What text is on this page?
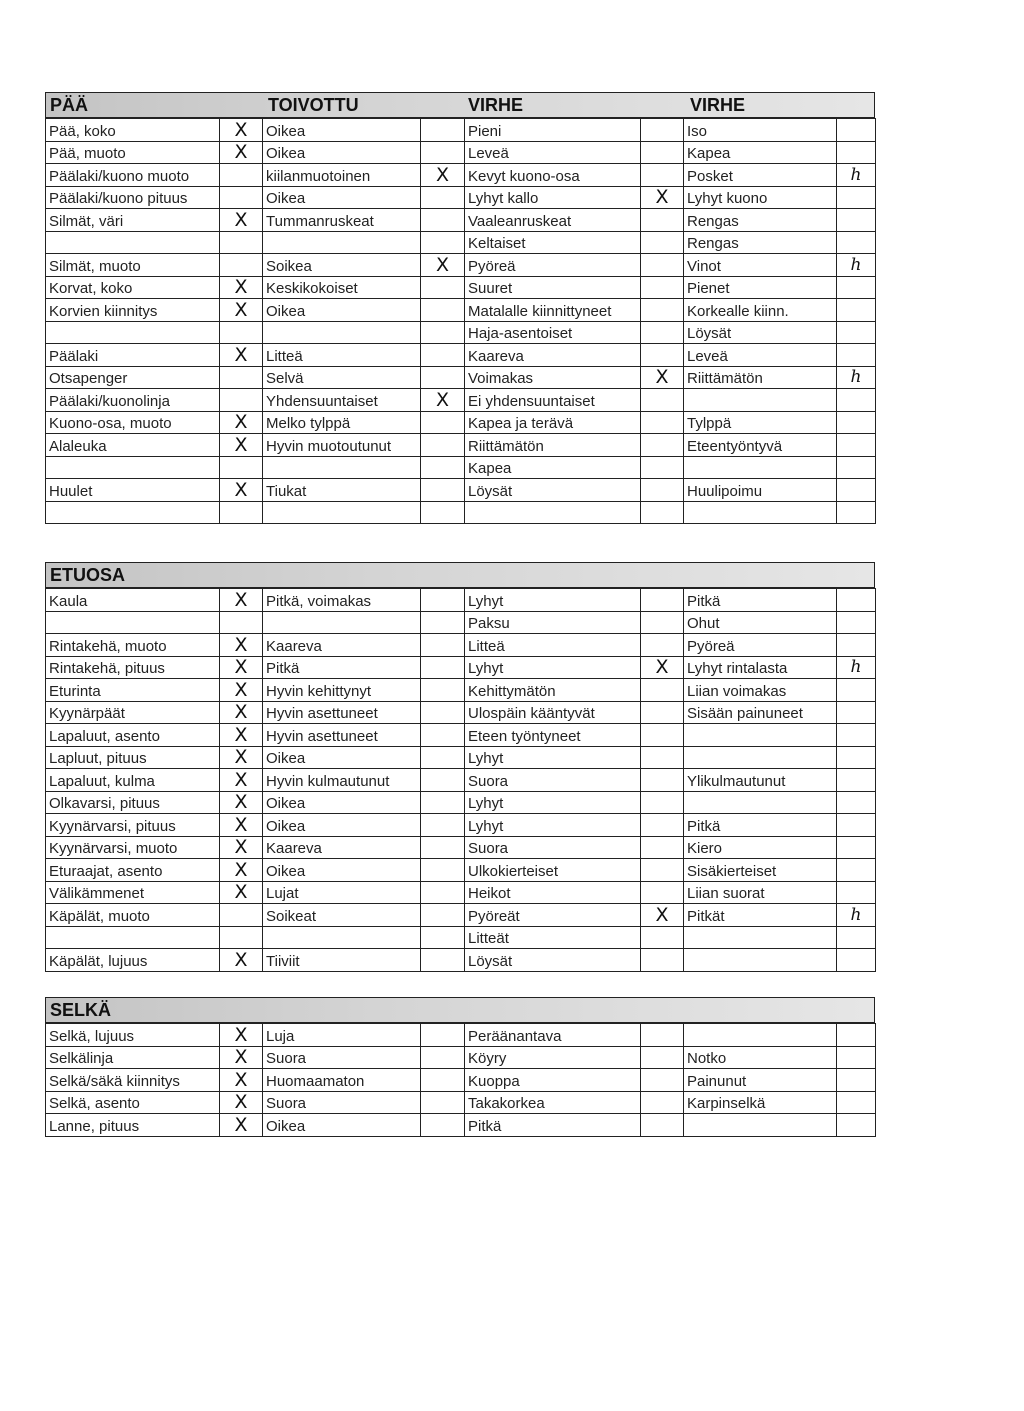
PÄÄ	TOIVOTTU	VIRHE	VIRHE
Pää, koko	X	Oikea		Pieni		Iso	
Pää, muoto	X	Oikea		Leveä		Kapea	
Päälaki/kuono muoto		kiilanmuotoinen	X	Kevyt kuono-osa		Posket	h
Päälaki/kuono pituus		Oikea		Lyhyt kallo	X	Lyhyt kuono	
Silmät, väri	X	Tummanruskeat		Vaaleanruskeat		Rengas	
				Keltaiset		Rengas	
Silmät, muoto		Soikea	X	Pyöreä		Vinot	h
Korvat, koko	X	Keskikokoiset		Suuret		Pienet	
Korvien kiinnitys	X	Oikea		Matalalle kiinnittyneet		Korkealle kiinn.	
				Haja-asentoiset		Löysät	
Päälaki	X	Litteä		Kaareva		Leveä	
Otsapenger		Selvä		Voimakas	X	Riittämätön	h
Päälaki/kuonolinja		Yhdensuuntaiset	X	Ei yhdensuuntaiset			
Kuono-osa, muoto	X	Melko tylppä		Kapea ja terävä		Tylppä	
Alaleuka	X	Hyvin muotoutunut		Riittämätön		Eteentyöntyvä	
				Kapea			
Huulet	X	Tiukat		Löysät		Huulipoimu	

ETUOSA
Kaula	X	Pitkä, voimakas		Lyhyt		Pitkä	
				Paksu		Ohut	
Rintakehä, muoto	X	Kaareva		Litteä		Pyöreä	
Rintakehä, pituus	X	Pitkä		Lyhyt	X	Lyhyt rintalasta	h
Eturinta	X	Hyvin kehittynyt		Kehittymätön		Liian voimakas	
Kyynärpäät	X	Hyvin asettuneet		Ulospäin kääntyvät		Sisään painuneet	
Lapaluut, asento	X	Hyvin asettuneet		Eteen työntyneet			
Lapluut, pituus	X	Oikea		Lyhyt			
Lapaluut, kulma	X	Hyvin kulmautunut		Suora		Ylikulmautunut	
Olkavarsi, pituus	X	Oikea		Lyhyt			
Kyynärvarsi, pituus	X	Oikea		Lyhyt		Pitkä	
Kyynärvarsi, muoto	X	Kaareva		Suora		Kiero	
Eturaajat, asento	X	Oikea		Ulkokierteiset		Sisäkierteiset	
Välikämmenet	X	Lujat		Heikot		Liian suorat	
Käpälät, muoto		Soikeat		Pyöreät	X	Pitkät	h
				Litteät			
Käpälät, lujuus	X	Tiiviit		Löysät			
SELKÄ
Selkä, lujuus	X	Luja		Peräänantava			
Selkälinja	X	Suora		Köyry		Notko	
Selkä/säkä kiinnitys	X	Huomaamaton		Kuoppa		Painunut	
Selkä, asento	X	Suora		Takakorkea		Karpinselkä	
Lanne, pituus	X	Oikea		Pitkä			
